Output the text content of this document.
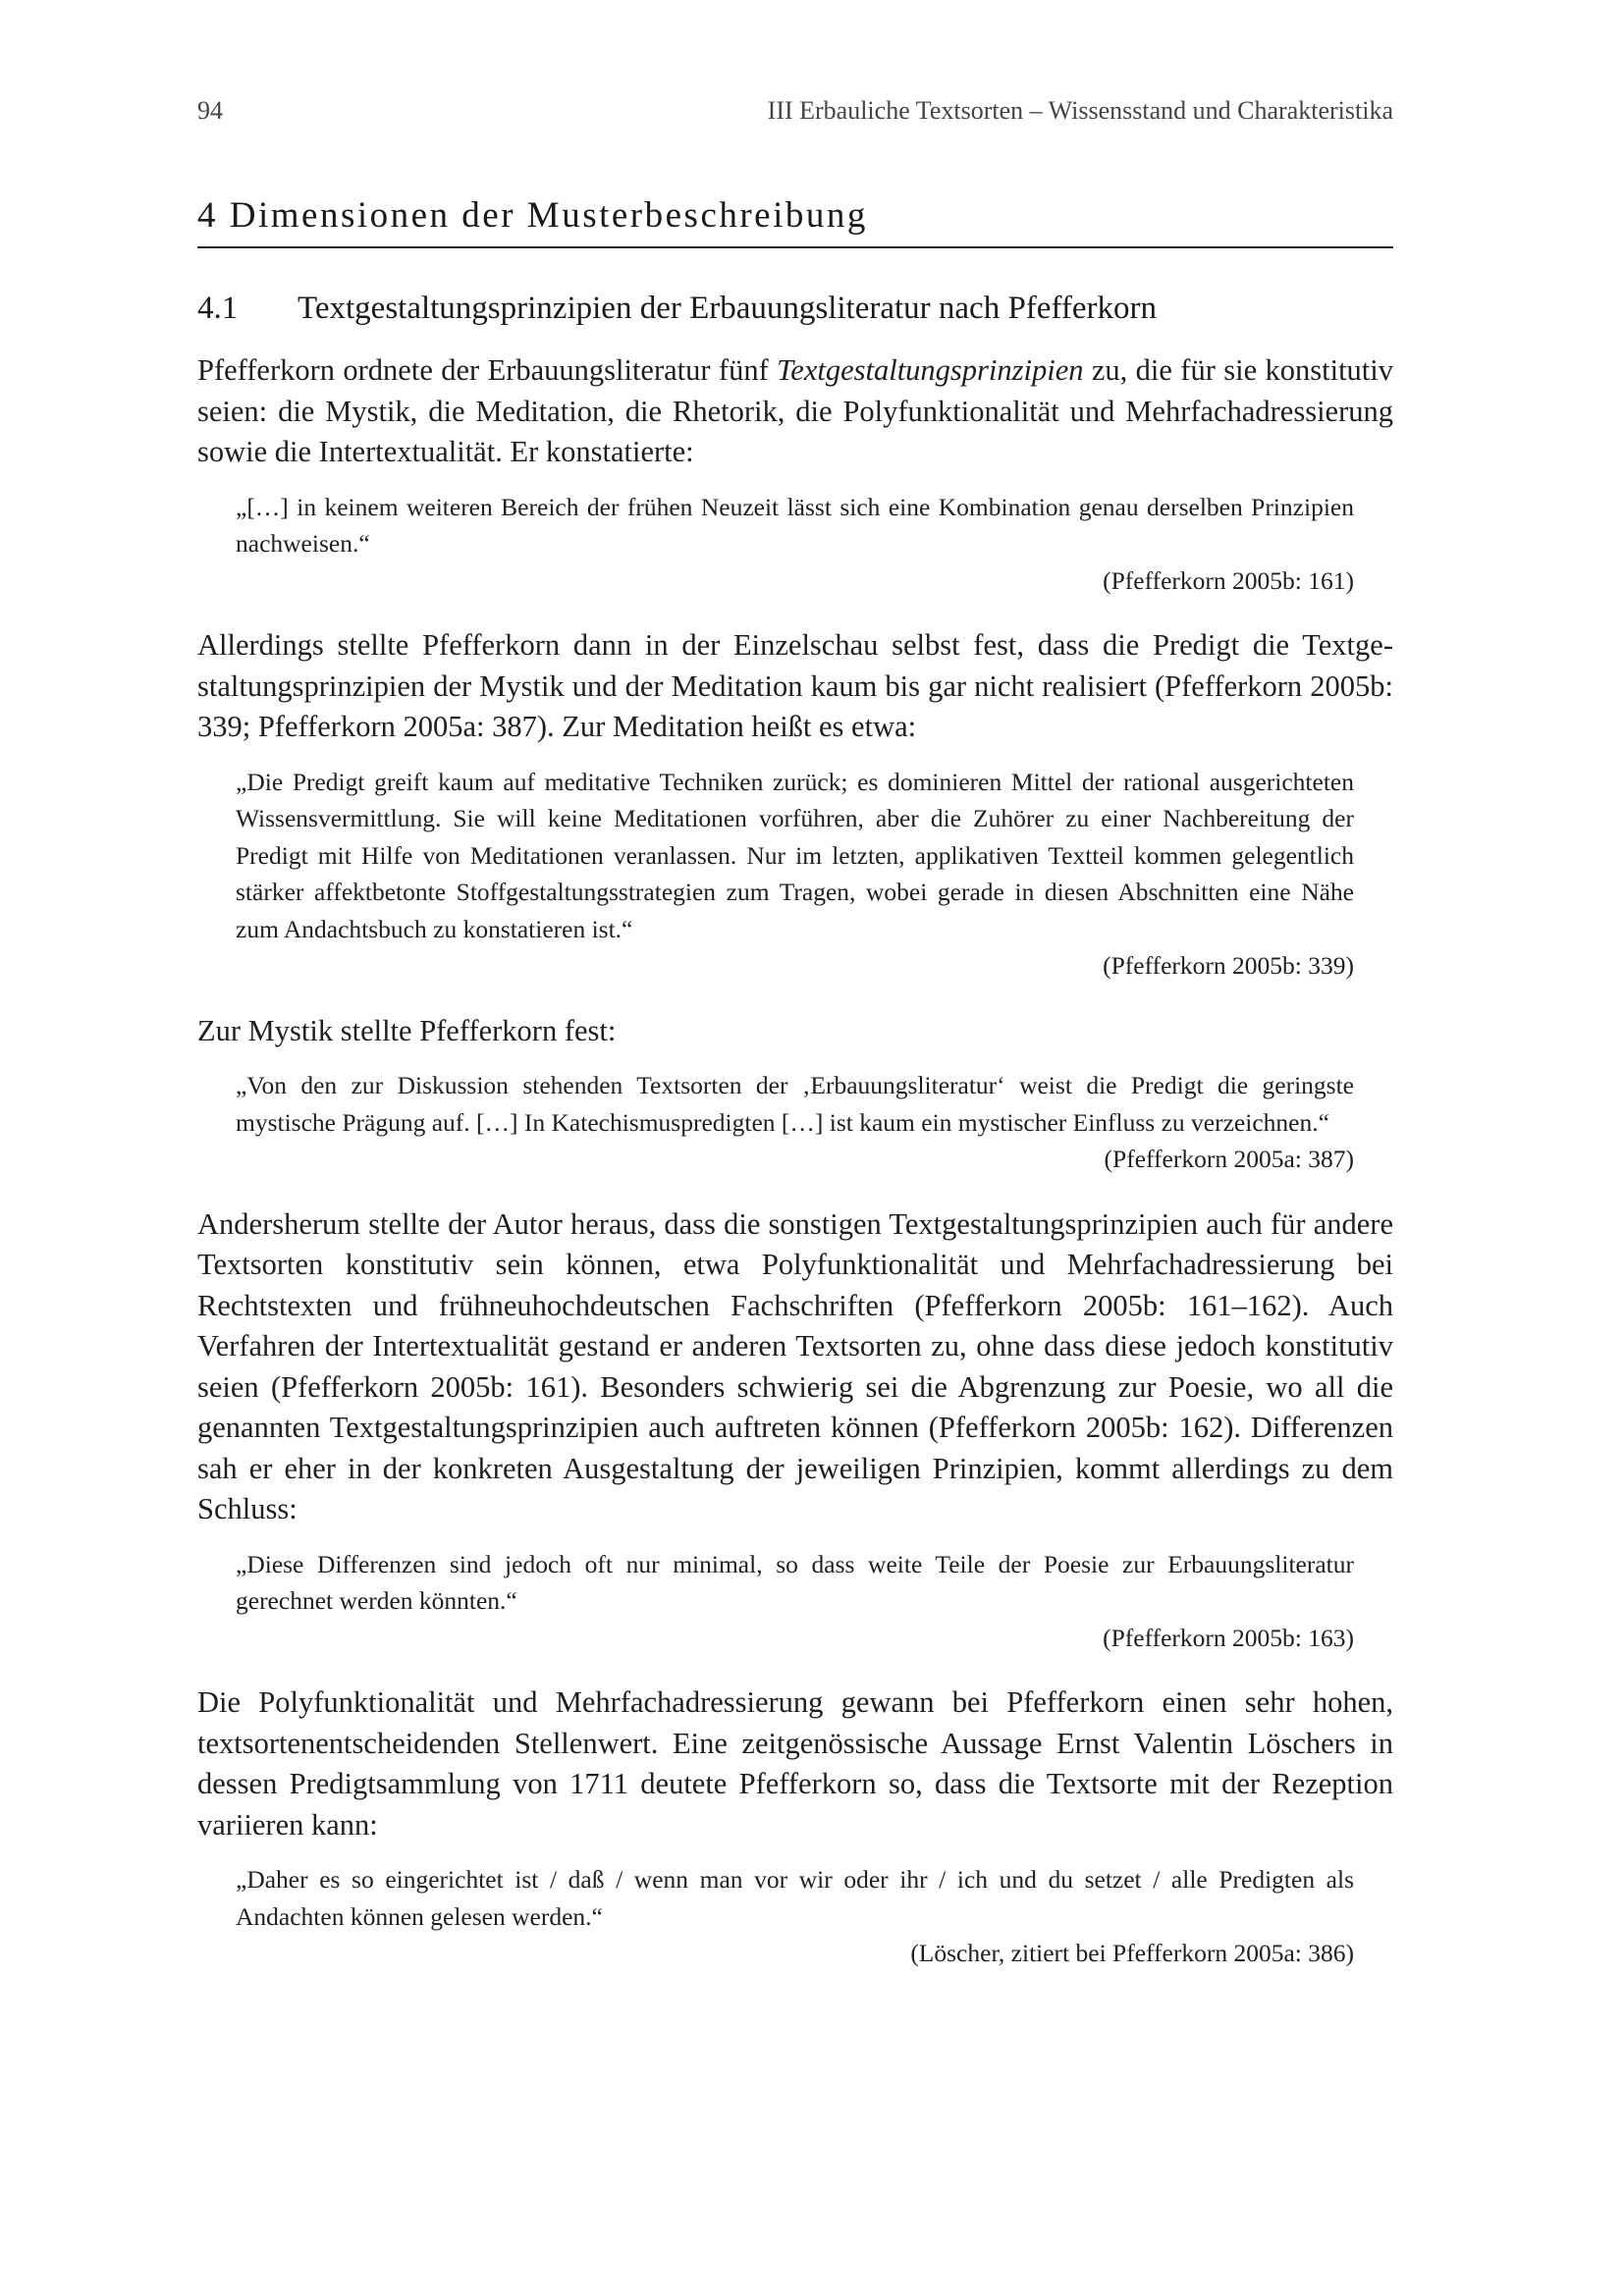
94	III Erbauliche Textsorten – Wissensstand und Charakteristika
4 Dimensionen der Musterbeschreibung
4.1 Textgestaltungsprinzipien der Erbauungsliteratur nach Pfefferkorn

Pfefferkorn ordnete der Erbauungsliteratur fünf Textgestaltungsprinzipien zu, die für sie konstitutiv seien: die Mystik, die Meditation, die Rhetorik, die Polyfunktionalität und Mehrfachadressierung sowie die Intertextualität. Er konstatierte:

„[…] in keinem weiteren Bereich der frühen Neuzeit lässt sich eine Kombination genau derselben Prinzipien nachweisen.“

(Pfefferkorn 2005b: 161)

Allerdings stellte Pfefferkorn dann in der Einzelschau selbst fest, dass die Predigt die Textgestaltungsprinzipien der Mystik und der Meditation kaum bis gar nicht realisiert (Pfefferkorn 2005b: 339; Pfefferkorn 2005a: 387). Zur Meditation heißt es etwa:

„Die Predigt greift kaum auf meditative Techniken zurück; es dominieren Mittel der rational ausgerichteten Wissensvermittlung. Sie will keine Meditationen vorführen, aber die Zuhörer zu einer Nachbereitung der Predigt mit Hilfe von Meditationen veranlassen. Nur im letzten, applikativen Textteil kommen gelegentlich stärker affektbetonte Stoffgestaltungsstrategien zum Tragen, wobei gerade in diesen Abschnitten eine Nähe zum Andachtsbuch zu konstatieren ist.“

(Pfefferkorn 2005b: 339)

Zur Mystik stellte Pfefferkorn fest:

„Von den zur Diskussion stehenden Textsorten der ‚Erbauungsliteratur‘ weist die Predigt die geringste mystische Prägung auf. […] In Katechismuspredigten […] ist kaum ein mystischer Einfluss zu verzeichnen.“

(Pfefferkorn 2005a: 387)

Andersherum stellte der Autor heraus, dass die sonstigen Textgestaltungsprinzipien auch für andere Textsorten konstitutiv sein können, etwa Polyfunktionalität und Mehrfachadressierung bei Rechtstexten und frühneuhochdeutschen Fachschriften (Pfefferkorn 2005b: 161–162). Auch Verfahren der Intertextualität gestand er anderen Textsorten zu, ohne dass diese jedoch konstitutiv seien (Pfefferkorn 2005b: 161). Besonders schwierig sei die Abgrenzung zur Poesie, wo all die genannten Textgestaltungsprinzipien auch auftreten können (Pfefferkorn 2005b: 162). Differenzen sah er eher in der konkreten Ausgestaltung der jeweiligen Prinzipien, kommt allerdings zu dem Schluss:

„Diese Differenzen sind jedoch oft nur minimal, so dass weite Teile der Poesie zur Erbauungsliteratur gerechnet werden könnten.“

(Pfefferkorn 2005b: 163)

Die Polyfunktionalität und Mehrfachadressierung gewann bei Pfefferkorn einen sehr hohen, textsortenentscheidenden Stellenwert. Eine zeitgenössische Aussage Ernst Valentin Löschers in dessen Predigtsammlung von 1711 deutete Pfefferkorn so, dass die Textsorte mit der Rezeption variieren kann:

„Daher es so eingerichtet ist / daß / wenn man vor wir oder ihr / ich und du setzet / alle Predigten als Andachten können gelesen werden.“

(Löscher, zitiert bei Pfefferkorn 2005a: 386)
